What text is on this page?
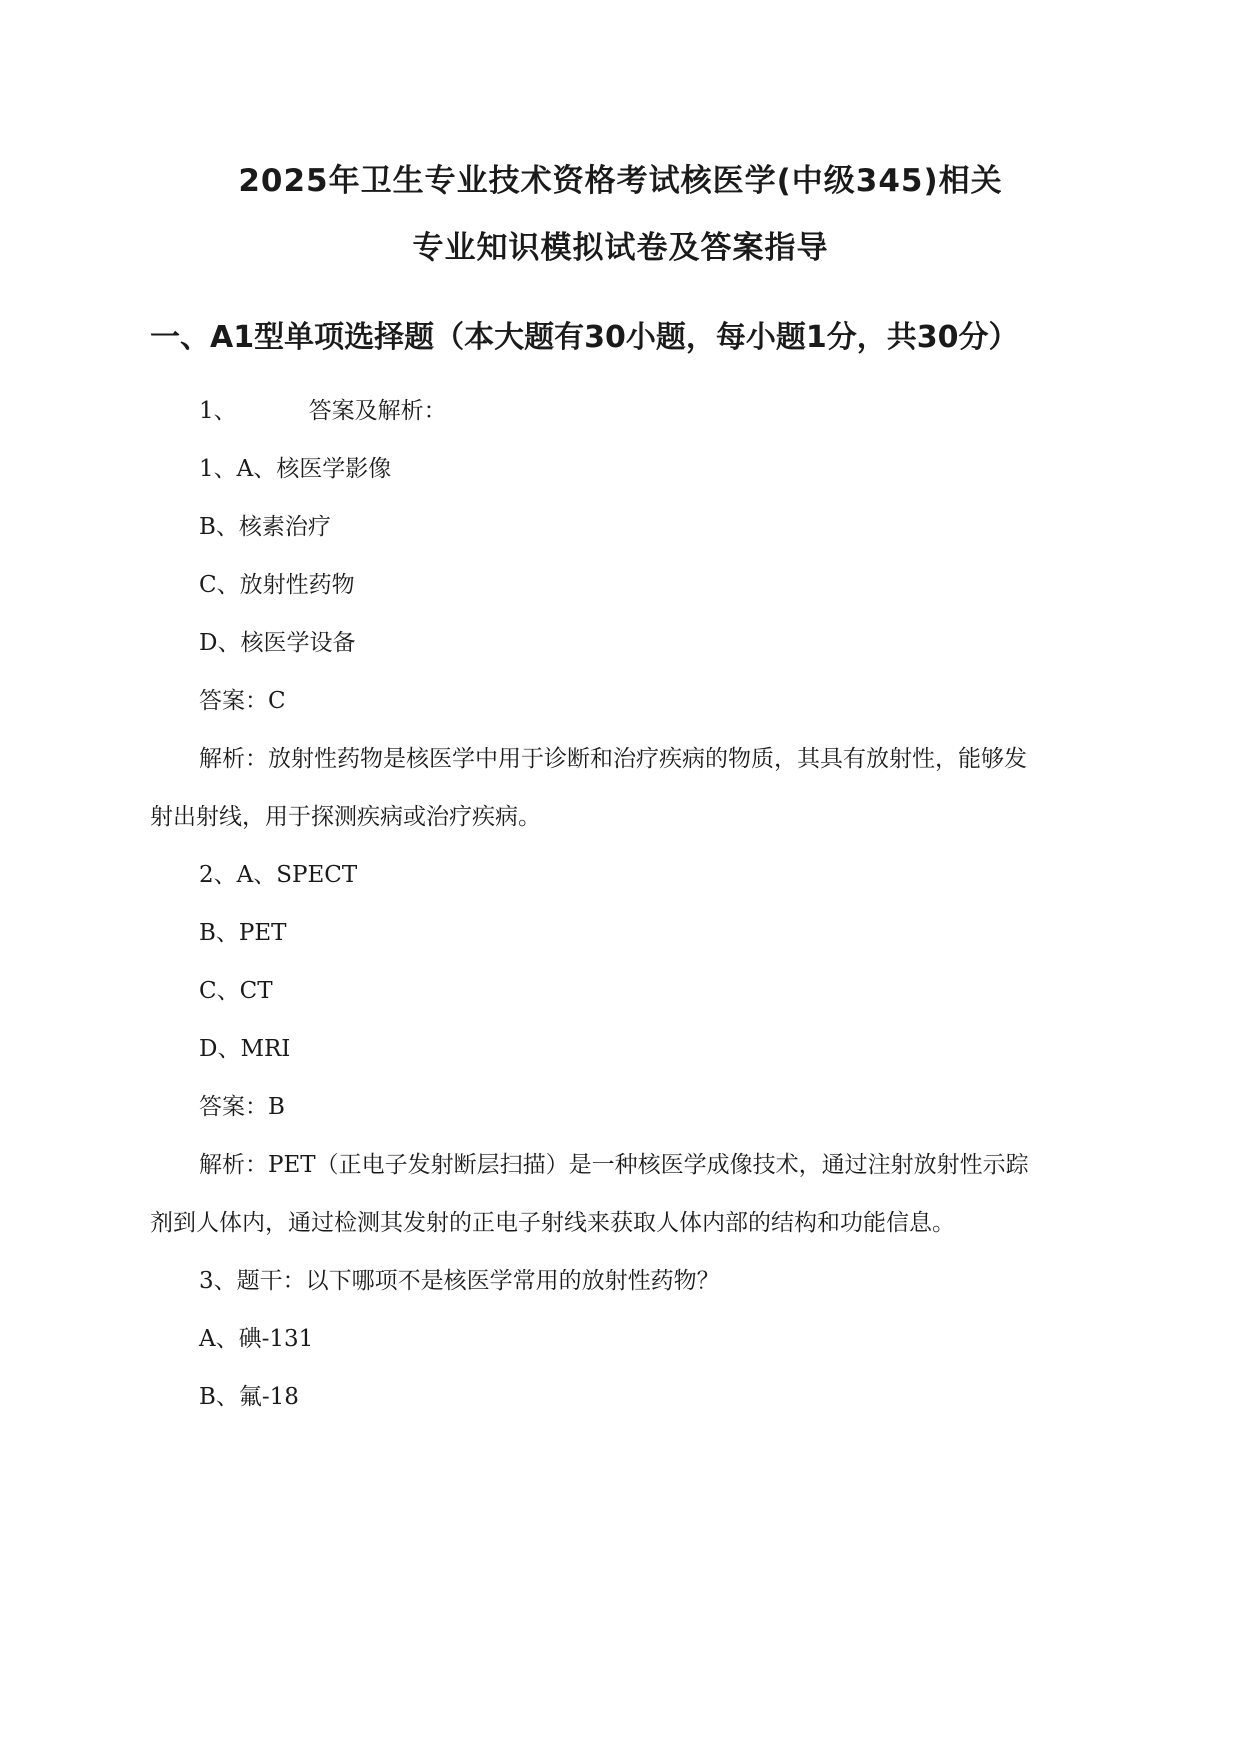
2025年卫生专业技术资格考试核医学(中级345)相关
专业知识模拟试卷及答案指导
一、A1型单项选择题（本大题有30小题，每小题1分，共30分）
1、	答案及解析：
1、A、核医学影像
B、核素治疗
C、放射性药物
D、核医学设备
答案：C
解析：放射性药物是核医学中用于诊断和治疗疾病的物质，其具有放射性，能够发
射出射线，用于探测疾病或治疗疾病。
2、A、SPECT
B、PET
C、CT
D、MRI
答案：B
解析：PET（正电子发射断层扫描）是一种核医学成像技术，通过注射放射性示踪
剂到人体内，通过检测其发射的正电子射线来获取人体内部的结构和功能信息。
3、题干：以下哪项不是核医学常用的放射性药物？
A、碘-131
B、氟-18
